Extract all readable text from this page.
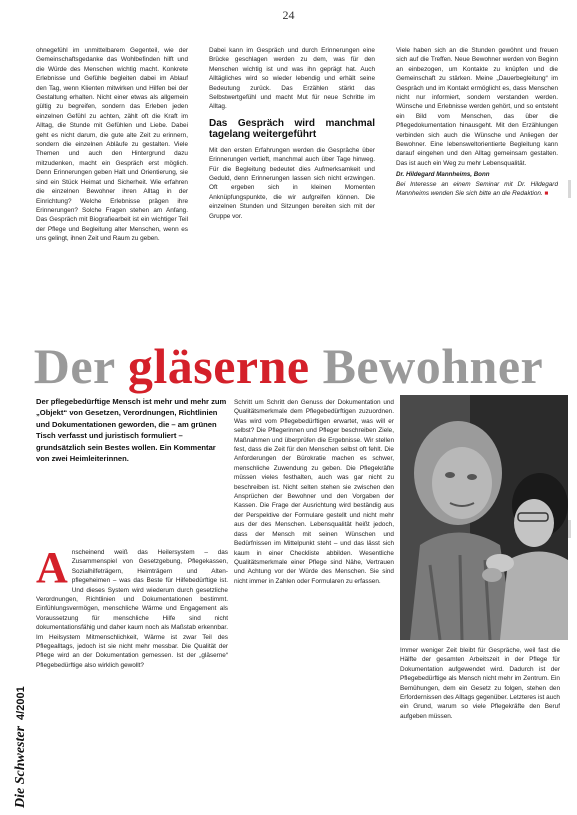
24

ohnegefühl im unmittelbarem Gegenteil, wie der Gemeinschaftsgedanke das Wohlbefinden hilft und die Würde des Menschen wichtig macht. Konkrete Erlebnisse und Gefühle begleiten dabei im Ablauf den Tag, wenn Klienten mitwirken und Hilfen bei der Gestaltung erhalten. Nicht einer etwas als allgemein gültig zu begreifen, sondern das Erleben jeden einzelnen Gefühl zu achten, zählt oft die Kraft im Alltag, die Stunde mit Gefühlen und Liebe. Dabei geht es nicht darum, die gute alte Zeit zu erinnern, sondern die einzelnen Abläufe zu gestalten. Viele Themen und auch den Hintergrund dazu mitzudenken, macht ein Gespräch erst möglich. Denn Erinnerungen geben Halt und Orientierung, sie sind ein Stück Heimat und Sicherheit. Wie erfahren die einzelnen Bewohner ihren Alltag in der Einrichtung? Welche Erlebnisse prägen ihre Erinnerungen? Solche Fragen stehen am Anfang. Das Gespräch mit Biografiearbeit ist ein wichtiger Teil der Pflege und Begleitung alter Menschen, wenn es uns gelingt, ihnen Zeit und Raum zu geben.

Dabei kann im Gespräch und durch Erinnerungen eine Brücke geschlagen werden zu dem, was für den Menschen wichtig ist und was ihn geprägt hat. Auch Alltägliches wird so wieder lebendig und erhält seine Bedeutung zurück. Das Erzählen stärkt das Selbstwertgefühl und macht Mut für neue Schritte im Alltag.

Das Gespräch wird manchmal tagelang weitergeführt

Mit den ersten Erfahrungen werden die Gespräche über Erinnerungen vertieft, manchmal auch über Tage hinweg. Für die Begleitung bedeutet dies Aufmerksamkeit und Geduld, denn Erinnerungen lassen sich nicht erzwingen. Oft ergeben sich in kleinen Momenten Anknüpfungspunkte, die wir aufgreifen können. Die einzelnen Stunden und Sitzungen bereiten sich mit der Gruppe vor.

Viele haben sich an die Stunden gewöhnt und freuen sich auf die Treffen. Neue Bewohner werden von Beginn an einbezogen, um Kontakte zu knüpfen und die Gemeinschaft zu stärken. Meine „Dauerbegleitung“ im Gespräch und im Kontakt ermöglicht es, dass Menschen nicht nur informiert, sondern verstanden werden. Wünsche und Erlebnisse werden gehört, und so entsteht ein Bild vom Menschen, das über die Pflegedokumentation hinausgeht. Mit den Erzählungen verbinden sich auch die Wünsche und Anliegen der Bewohner. Eine lebensweltorientierte Begleitung kann darauf eingehen und den Alltag gemeinsam gestalten. Das ist auch ein Weg zu mehr Lebensqualität.

Dr. Hildegard Mannheims, Bonn
Bei Interesse an einem Seminar mit Dr. Hildegard Mannheims wenden Sie sich bitte an die Redaktion. ■
Der gläserne Bewohner
Der pflegebedürftige Mensch ist mehr und mehr zum „Objekt“ von Gesetzen, Verordnungen, Richtlinien und Dokumentationen geworden, die – am grünen Tisch verfasst und juristisch formuliert – grundsätzlich sein Bestes wollen. Ein Kommentar von zwei Heimleiterinnen.
A nscheinend weiß das Heilersystem – das Zusammenspiel von Gesetzgebung, Pflegekassen, Sozialhilfeträgern, Heimträgern und Alten-pflegeheimen – was das Beste für Hilfebedürftige ist. Und dieses System wird wiederum durch gesetzliche Verordnungen, Richtlinien und Dokumentationen bestimmt. Einfühlungsvermögen, menschliche Wärme und Engagement als Voraussetzung für menschliche Hilfe sind nicht dokumentationsfähig und daher kaum noch als Maßstab erkennbar. Im Heilsystem Mitmenschlichkeit, Wärme ist zwar Teil des Pflegealltags, jedoch ist sie nicht mehr messbar. Die Qualität der Pflege wird an der Dokumentation gemessen. Ist der „gläserne“ Pflegebedürftige also wirklich gewollt?

Schritt um Schritt den Genuss der Dokumentation und Qualitätsmerkmale dem Pflegebedürftigen zuzuordnen. Was wird vom Pflegebedürftigen erwartet, was will er selbst? Die Pflegerinnen und Pfleger beschreiben Ziele, Maßnahmen und überprüfen die Ergebnisse. Wir stellen fest, dass die Zeit für den Menschen selbst oft fehlt. Die Anforderungen der Bürokratie machen es schwer, menschliche Zuwendung zu geben. Die Pflegekräfte müssen vieles festhalten, auch was gar nicht zu beschreiben ist. Nicht selten stehen sie zwischen den Ansprüchen der Bewohner und den Vorgaben der Kassen. Die Frage der Ausrichtung wird beständig aus der Perspektive der Formulare gestellt und nicht mehr aus der des Menschen. Lebensqualität heißt jedoch, dass der Mensch mit seinen Wünschen und Bedürfnissen im Mittelpunkt steht – und das lässt sich kaum in einer Checkliste abbilden. Wesentliche Qualitätsmerkmale einer Pflege sind Nähe, Vertrauen und Achtung vor der Würde des Menschen. Sie sind nicht immer in Zahlen oder Formularen zu erfassen.

Immer weniger Zeit bleibt für Gespräche, weil fast die Hälfte der gesamten Arbeitszeit in der Pflege für Dokumentation aufgewendet wird. Dadurch ist der Pflegebedürftige als Mensch nicht mehr im Zentrum. Ein Bemühungen, dem ein Gesetz zu folgen, stehen den Erfordernissen des Alltags gegenüber. Letzteres ist auch ein Grund, warum so viele Pflegekräfte den Beruf aufgeben müssen.

Die Schwester
4/2001
